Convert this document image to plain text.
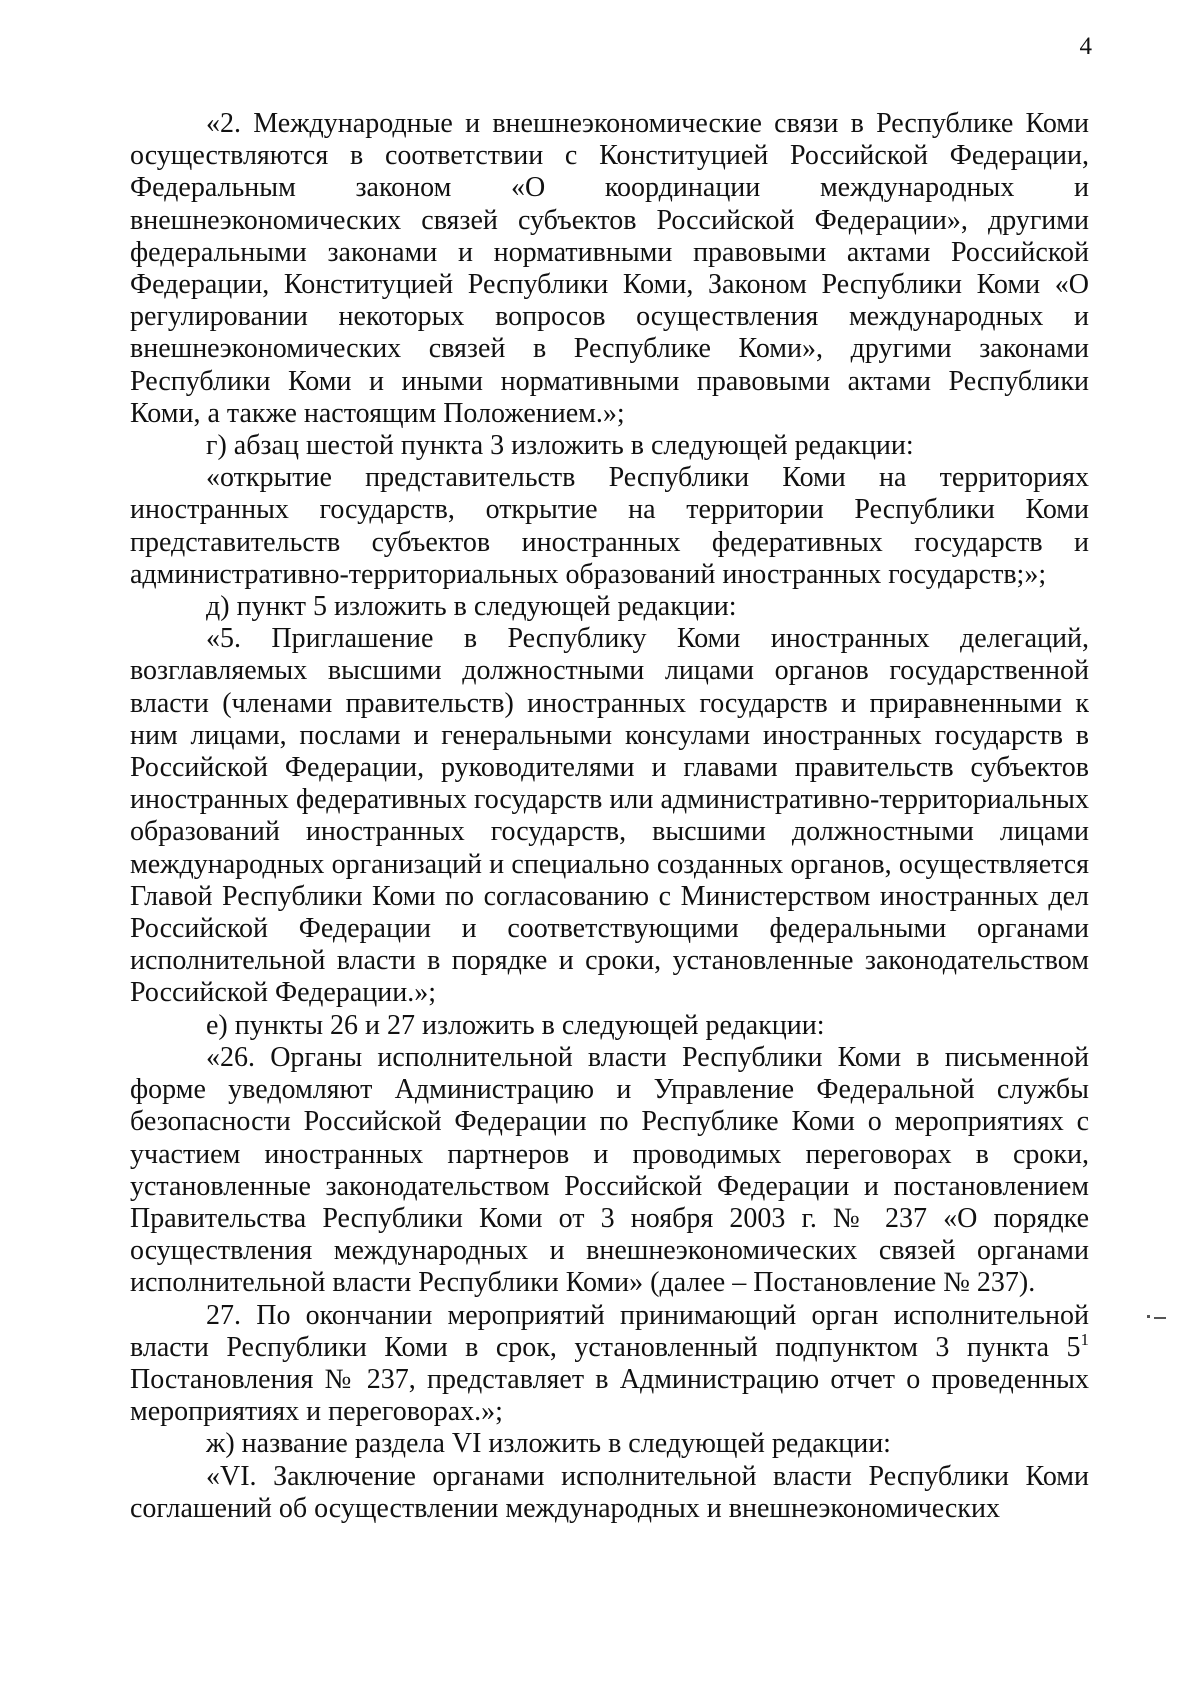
4

«2. Международные и внешнеэкономические связи в Республике Коми осуществляются в соответствии с Конституцией Российской Федерации, Федеральным законом «О координации международных и внешнеэкономических связей субъектов Российской Федерации», другими федеральными законами и нормативными правовыми актами Российской Федерации, Конституцией Республики Коми, Законом Республики Коми «О регулировании некоторых вопросов осуществления международных и внешнеэкономических связей в Республике Коми», другими законами Республики Коми и иными нормативными правовыми актами Республики Коми, а также настоящим Положением.»;

г) абзац шестой пункта 3 изложить в следующей редакции:

«открытие представительств Республики Коми на территориях иностранных государств, открытие на территории Республики Коми представительств субъектов иностранных федеративных государств и административно-территориальных образований иностранных государств;»;

д) пункт 5 изложить в следующей редакции:

«5. Приглашение в Республику Коми иностранных делегаций, возглавляемых высшими должностными лицами органов государственной власти (членами правительств) иностранных государств и приравненными к ним лицами, послами и генеральными консулами иностранных государств в Российской Федерации, руководителями и главами правительств субъектов иностранных федеративных государств или административно-территориальных образований иностранных государств, высшими должностными лицами международных организаций и специально созданных органов, осуществляется Главой Республики Коми по согласованию с Министерством иностранных дел Российской Федерации и соответствующими федеральными органами исполнительной власти в порядке и сроки, установленные законодательством Российской Федерации.»;

е) пункты 26 и 27 изложить в следующей редакции:

«26. Органы исполнительной власти Республики Коми в письменной форме уведомляют Администрацию и Управление Федеральной службы безопасности Российской Федерации по Республике Коми о мероприятиях с участием иностранных партнеров и проводимых переговорах в сроки, установленные законодательством Российской Федерации и постановлением Правительства Республики Коми от 3 ноября 2003 г. № 237 «О порядке осуществления международных и внешнеэкономических связей органами исполнительной власти Республики Коми» (далее – Постановление № 237).

27. По окончании мероприятий принимающий орган исполнительной власти Республики Коми в срок, установленный подпунктом 3 пункта $5^1$ Постановления № 237, представляет в Администрацию отчет о проведенных мероприятиях и переговорах.»;

ж) название раздела VI изложить в следующей редакции:

«VI. Заключение органами исполнительной власти Республики Коми соглашений об осуществлении международных и внешнеэкономических
